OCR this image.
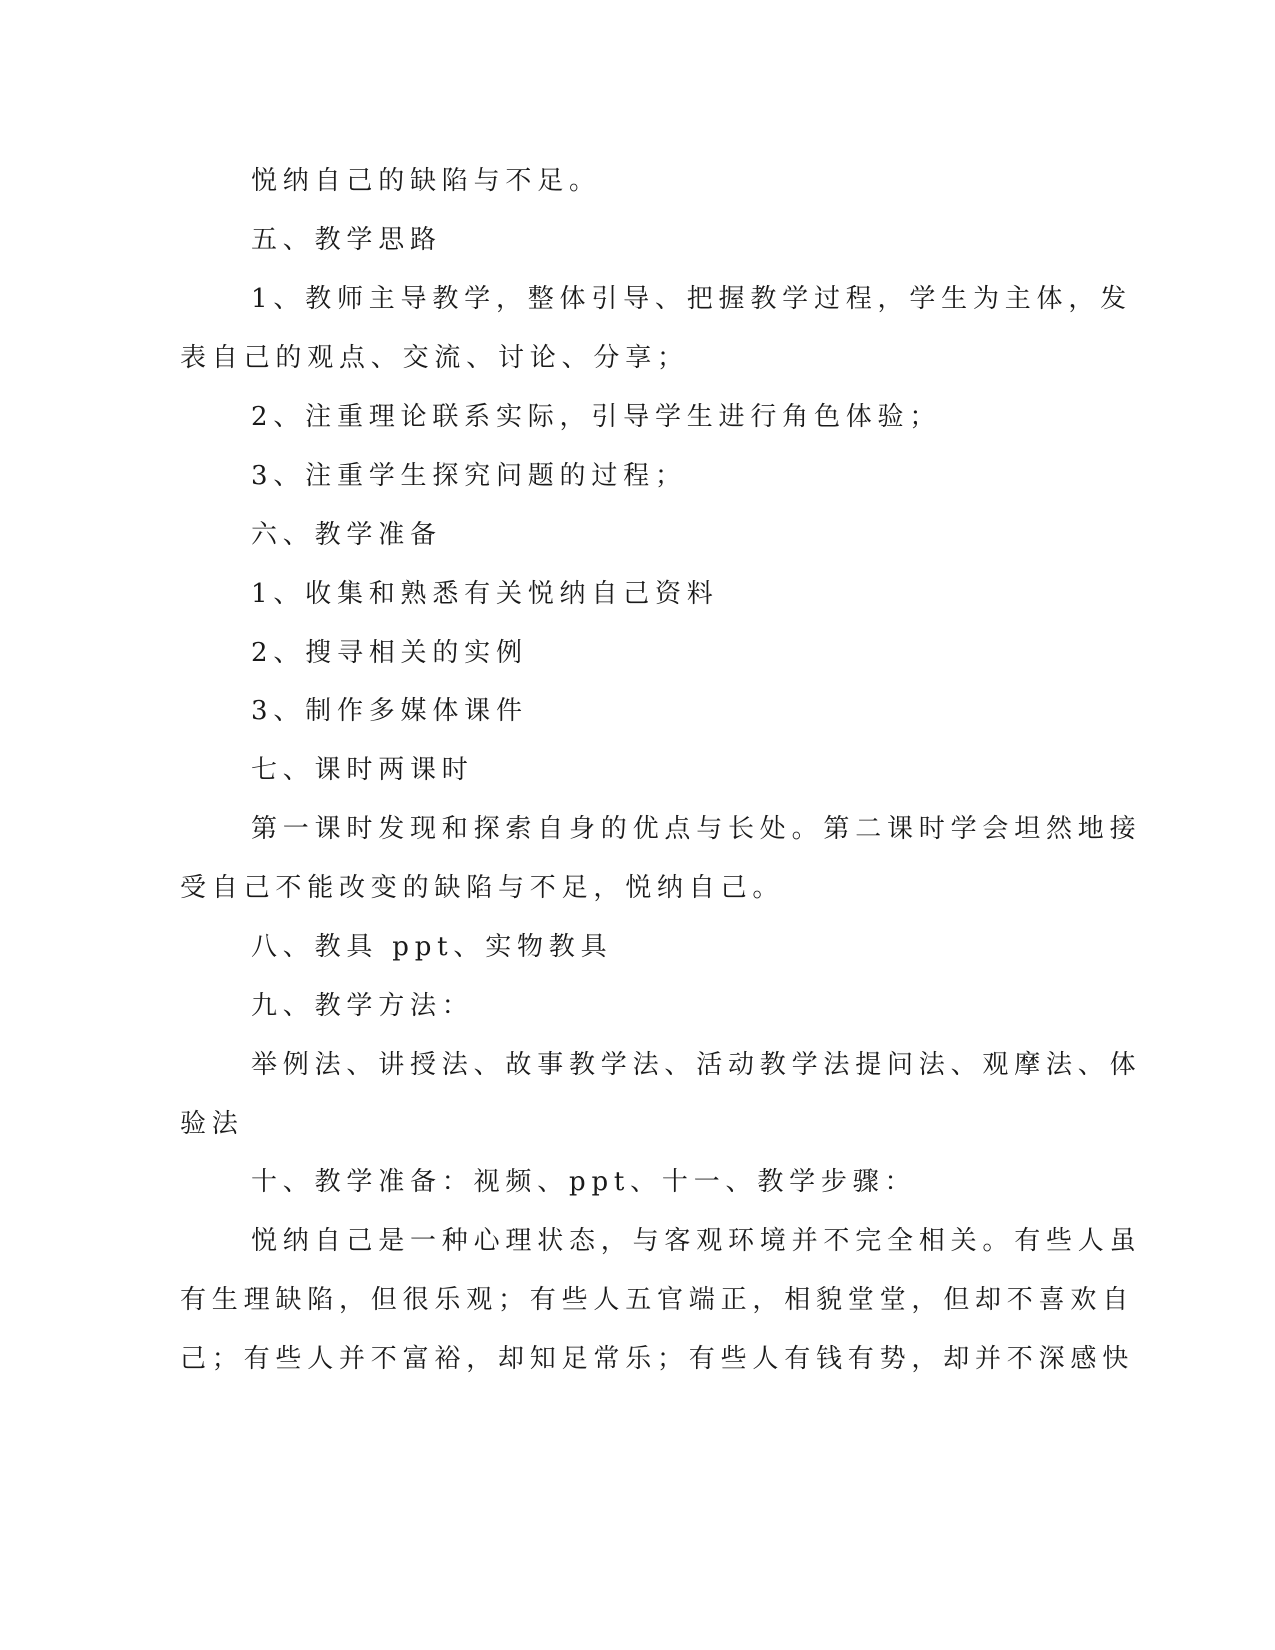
悦纳自己的缺陷与不足。
五、教学思路
1、教师主导教学，整体引导、把握教学过程，学生为主体，发
表自己的观点、交流、讨论、分享；
2、注重理论联系实际，引导学生进行角色体验；
3、注重学生探究问题的过程；
六、教学准备
1、收集和熟悉有关悦纳自己资料
2、搜寻相关的实例
3、制作多媒体课件
七、课时两课时
第一课时发现和探索自身的优点与长处。第二课时学会坦然地接
受自己不能改变的缺陷与不足，悦纳自己。
八、教具 ppt、实物教具
九、教学方法：
举例法、讲授法、故事教学法、活动教学法提问法、观摩法、体
验法
十、教学准备：视频、ppt、十一、教学步骤：
悦纳自己是一种心理状态，与客观环境并不完全相关。有些人虽
有生理缺陷，但很乐观；有些人五官端正，相貌堂堂，但却不喜欢自
己；有些人并不富裕，却知足常乐；有些人有钱有势，却并不深感快
